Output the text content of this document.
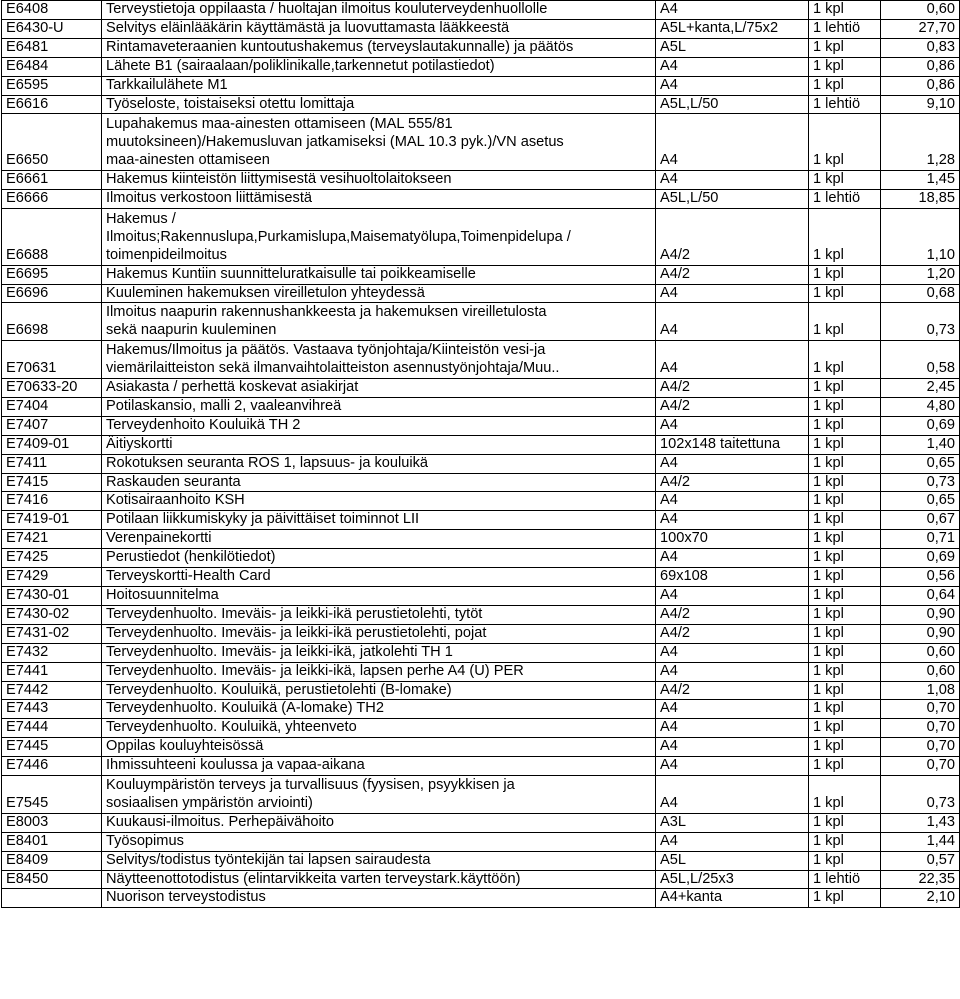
E6408	Terveystietoja oppilaasta / huoltajan ilmoitus kouluterveydenhuollolle	A4	1 kpl	0,60
E6430-U	Selvitys eläinlääkärin käyttämästä ja luovuttamasta lääkkeestä	A5L+kanta,L/75x2	1 lehtiö	27,70
E6481	Rintamaveteraanien kuntoutushakemus (terveyslautakunnalle) ja päätös	A5L	1 kpl	0,83
E6484	Lähete B1 (sairaalaan/poliklinikalle,tarkennetut potilastiedot)	A4	1 kpl	0,86
E6595	Tarkkailulähete M1	A4	1 kpl	0,86
E6616	Työseloste, toistaiseksi otettu lomittaja	A5L,L/50	1 lehtiö	9,10
E6650	Lupahakemus maa-ainesten ottamiseen (MAL 555/81
muutoksineen)/Hakemusluvan jatkamiseksi (MAL 10.3 pyk.)/VN asetus
maa-ainesten ottamiseen	A4	1 kpl	1,28
E6661	Hakemus kiinteistön liittymisestä vesihuoltolaitokseen	A4	1 kpl	1,45
E6666	Ilmoitus verkostoon liittämisestä	A5L,L/50	1 lehtiö	18,85
E6688	Hakemus /
Ilmoitus;Rakennuslupa,Purkamislupa,Maisematyölupa,Toimenpidelupa /
toimenpideilmoitus	A4/2	1 kpl	1,10
E6695	Hakemus Kuntiin suunnitteluratkaisulle tai poikkeamiselle	A4/2	1 kpl	1,20
E6696	Kuuleminen hakemuksen vireilletulon yhteydessä	A4	1 kpl	0,68
E6698	Ilmoitus naapurin rakennushankkeesta ja hakemuksen vireilletulosta
sekä naapurin kuuleminen	A4	1 kpl	0,73
E70631	Hakemus/Ilmoitus ja päätös. Vastaava työnjohtaja/Kiinteistön vesi-ja
viemärilaitteiston sekä ilmanvaihtolaitteiston asennustyönjohtaja/Muu..	A4	1 kpl	0,58
E70633-20	Asiakasta / perhettä koskevat asiakirjat	A4/2	1 kpl	2,45
E7404	Potilaskansio, malli 2, vaaleanvihreä	A4/2	1 kpl	4,80
E7407	Terveydenhoito Kouluikä TH 2	A4	1 kpl	0,69
E7409-01	Äitiyskortti	102x148 taitettuna	1 kpl	1,40
E7411	Rokotuksen seuranta ROS 1, lapsuus- ja kouluikä	A4	1 kpl	0,65
E7415	Raskauden seuranta	A4/2	1 kpl	0,73
E7416	Kotisairaanhoito KSH	A4	1 kpl	0,65
E7419-01	Potilaan liikkumiskyky ja päivittäiset toiminnot LII	A4	1 kpl	0,67
E7421	Verenpainekortti	100x70	1 kpl	0,71
E7425	Perustiedot (henkilötiedot)	A4	1 kpl	0,69
E7429	Terveyskortti-Health Card	69x108	1 kpl	0,56
E7430-01	Hoitosuunnitelma	A4	1 kpl	0,64
E7430-02	Terveydenhuolto. Imeväis- ja leikki-ikä perustietolehti, tytöt	A4/2	1 kpl	0,90
E7431-02	Terveydenhuolto. Imeväis- ja leikki-ikä perustietolehti, pojat	A4/2	1 kpl	0,90
E7432	Terveydenhuolto. Imeväis- ja leikki-ikä, jatkolehti TH 1	A4	1 kpl	0,60
E7441	Terveydenhuolto. Imeväis- ja leikki-ikä, lapsen perhe A4 (U) PER	A4	1 kpl	0,60
E7442	Terveydenhuolto. Kouluikä, perustietolehti (B-lomake)	A4/2	1 kpl	1,08
E7443	Terveydenhuolto. Kouluikä (A-lomake) TH2	A4	1 kpl	0,70
E7444	Terveydenhuolto. Kouluikä, yhteenveto	A4	1 kpl	0,70
E7445	Oppilas kouluyhteisössä	A4	1 kpl	0,70
E7446	Ihmissuhteeni koulussa ja vapaa-aikana	A4	1 kpl	0,70
E7545	Kouluympäristön terveys ja turvallisuus (fyysisen, psyykkisen ja
sosiaalisen ympäristön arviointi)	A4	1 kpl	0,73
E8003	Kuukausi-ilmoitus. Perhepäivähoito	A3L	1 kpl	1,43
E8401	Työsopimus	A4	1 kpl	1,44
E8409	Selvitys/todistus työntekijän tai lapsen sairaudesta	A5L	1 kpl	0,57
E8450	Näytteenottotodistus (elintarvikkeita varten terveystark.käyttöön)	A5L,L/25x3	1 lehtiö	22,35

	Nuorison terveystodistus	A4+kanta	1 kpl	2,10
